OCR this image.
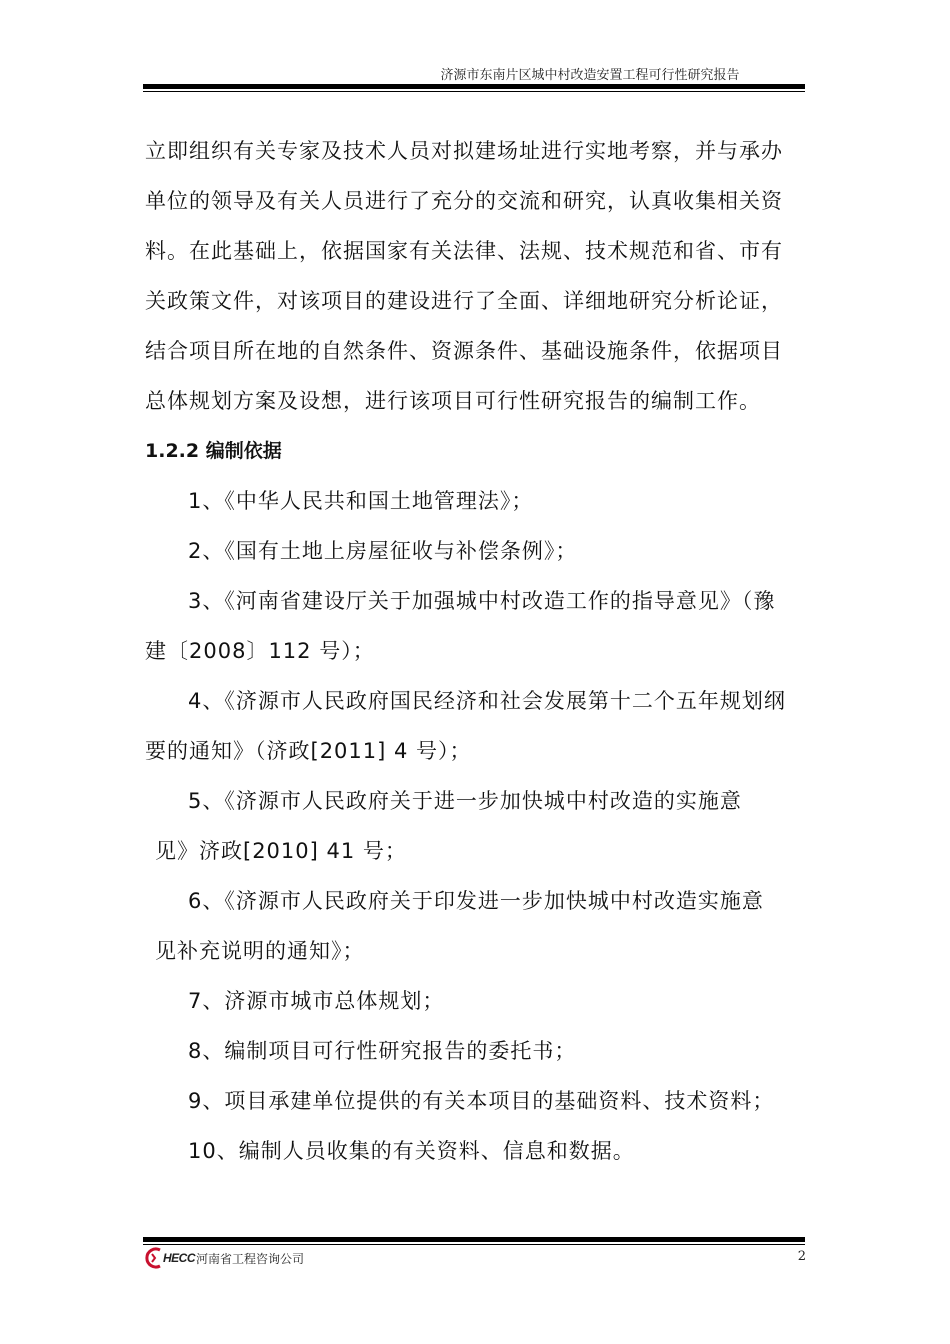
济源市东南片区城中村改造安置工程可行性研究报告
立即组织有关专家及技术人员对拟建场址进行实地考察，并与承办
单位的领导及有关人员进行了充分的交流和研究，认真收集相关资
料。在此基础上，依据国家有关法律、法规、技术规范和省、市有
关政策文件，对该项目的建设进行了全面、详细地研究分析论证，
结合项目所在地的自然条件、资源条件、基础设施条件，依据项目
总体规划方案及设想，进行该项目可行性研究报告的编制工作。
1.2.2 编制依据
1、《中华人民共和国土地管理法》；
2、《国有土地上房屋征收与补偿条例》；
3、《河南省建设厅关于加强城中村改造工作的指导意见》（豫
建〔2008〕112 号）；
4、《济源市人民政府国民经济和社会发展第十二个五年规划纲
要的通知》（济政[2011] 4 号）；
5、《济源市人民政府关于进一步加快城中村改造的实施意
见》济政[2010] 41 号；
6、《济源市人民政府关于印发进一步加快城中村改造实施意
见补充说明的通知》；
7、济源市城市总体规划；
8、编制项目可行性研究报告的委托书；
9、项目承建单位提供的有关本项目的基础资料、技术资料；
10、编制人员收集的有关资料、信息和数据。
HECC 河南省工程咨询公司	2
